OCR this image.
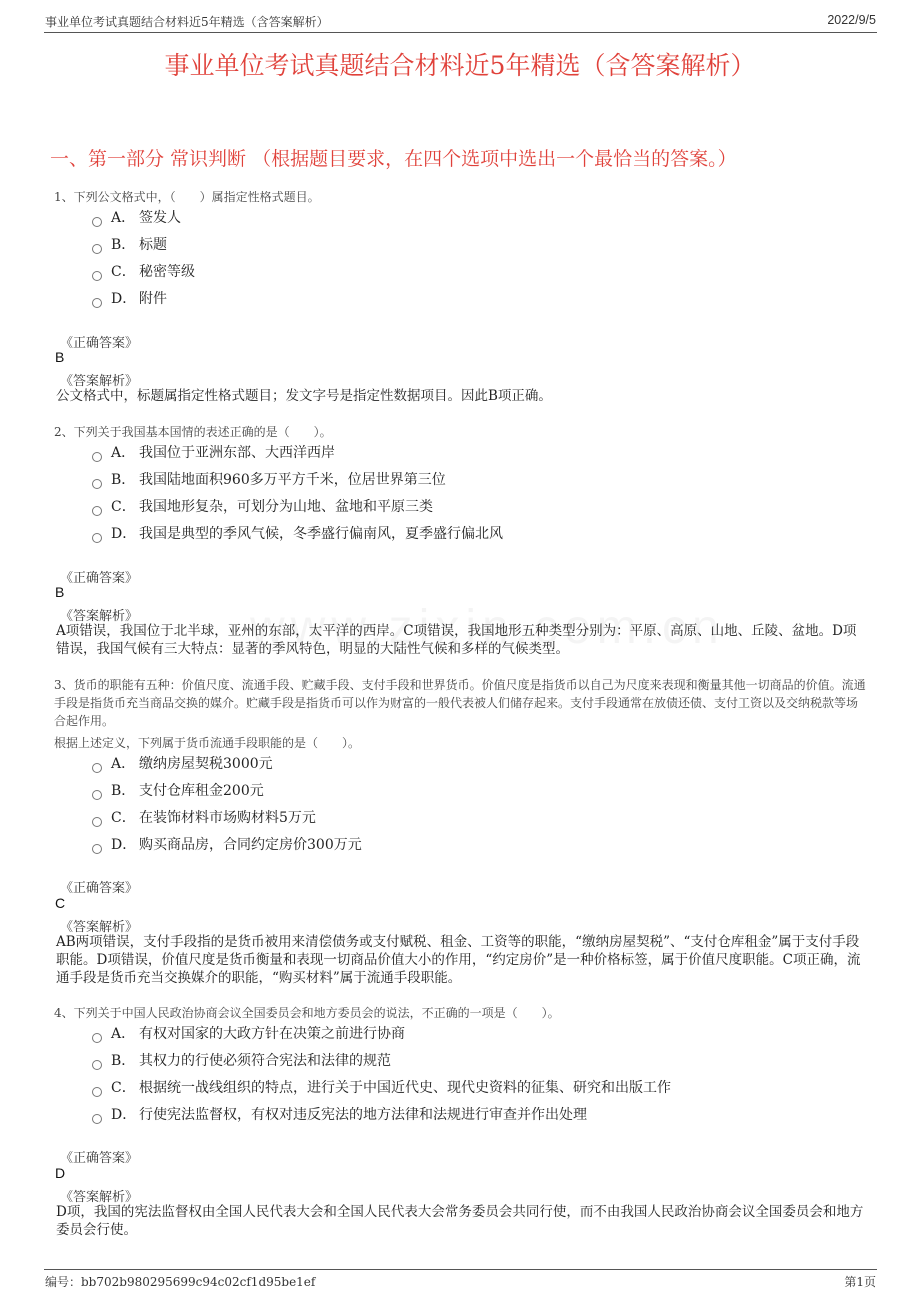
事业单位考试真题结合材料近5年精选（含答案解析）	2022/9/5
事业单位考试真题结合材料近5年精选（含答案解析）
一、第一部分 常识判断 （根据题目要求，在四个选项中选出一个最恰当的答案。）
1、下列公文格式中，（　　）属指定性格式题目。
A． 签发人
B． 标题
C． 秘密等级
D． 附件
《正确答案》
B
《答案解析》
公文格式中，标题属指定性格式题目；发文字号是指定性数据项目。因此B项正确。
2、下列关于我国基本国情的表述正确的是（　　）。
A． 我国位于亚洲东部、大西洋西岸
B． 我国陆地面积960多万平方千米，位居世界第三位
C． 我国地形复杂，可划分为山地、盆地和平原三类
D． 我国是典型的季风气候，冬季盛行偏南风，夏季盛行偏北风
《正确答案》
B
《答案解析》
A项错误，我国位于北半球，亚州的东部，太平洋的西岸。C项错误，我国地形五种类型分别为：平原、高原、山地、丘陵、盆地。D项错误，我国气候有三大特点：显著的季风特色，明显的大陆性气候和多样的气候类型。
3、货币的职能有五种：价值尺度、流通手段、贮藏手段、支付手段和世界货币。价值尺度是指货币以自己为尺度来表现和衡量其他一切商品的价值。流通手段是指货币充当商品交换的媒介。贮藏手段是指货币可以作为财富的一般代表被人们储存起来。支付手段通常在放债还债、支付工资以及交纳税款等场合起作用。
根据上述定义，下列属于货币流通手段职能的是（　　）。
A． 缴纳房屋契税3000元
B． 支付仓库租金200元
C． 在装饰材料市场购材料5万元
D． 购买商品房，合同约定房价300万元
《正确答案》
C
《答案解析》
AB两项错误，支付手段指的是货币被用来清偿债务或支付赋税、租金、工资等的职能，“缴纳房屋契税”、“支付仓库租金”属于支付手段职能。D项错误，价值尺度是货币衡量和表现一切商品价值大小的作用，“约定房价”是一种价格标签，属于价值尺度职能。C项正确，流通手段是货币充当交换媒介的职能，“购买材料”属于流通手段职能。
4、下列关于中国人民政治协商会议全国委员会和地方委员会的说法，不正确的一项是（　　）。
A． 有权对国家的大政方针在决策之前进行协商
B． 其权力的行使必须符合宪法和法律的规范
C． 根据统一战线组织的特点，进行关于中国近代史、现代史资料的征集、研究和出版工作
D． 行使宪法监督权，有权对违反宪法的地方法律和法规进行审查并作出处理
《正确答案》
D
《答案解析》
D项，我国的宪法监督权由全国人民代表大会和全国人民代表大会常务委员会共同行使，而不由我国人民政治协商会议全国委员会和地方委员会行使。
编号：bb702b980295699c94c02cf1d95be1ef	第1页
